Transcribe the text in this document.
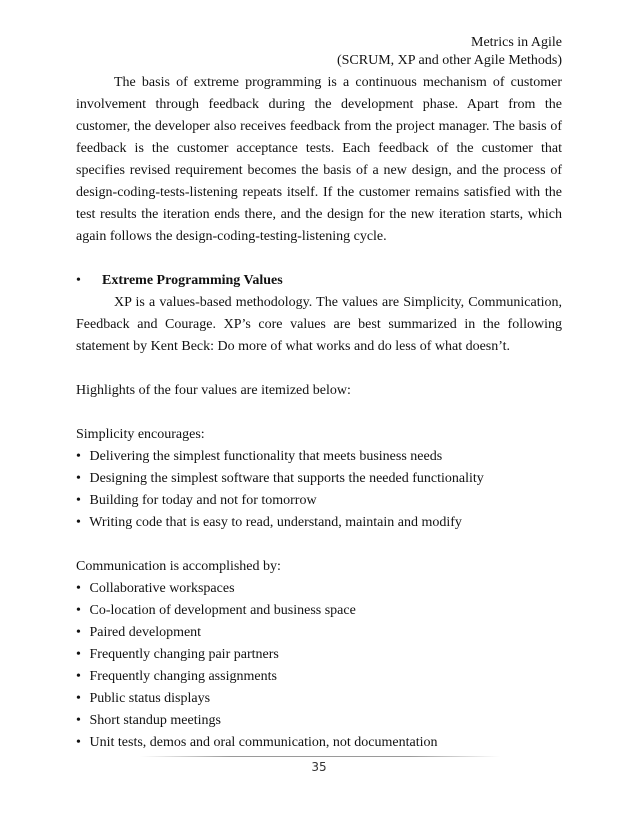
Metrics in Agile
(SCRUM, XP and other Agile Methods)

The basis of extreme programming is a continuous mechanism of customer involvement through feedback during the development phase. Apart from the customer, the developer also receives feedback from the project manager. The basis of feedback is the customer acceptance tests. Each feedback of the customer that specifies revised requirement becomes the basis of a new design, and the process of design-coding-tests-listening repeats itself. If the customer remains satisfied with the test results the iteration ends there, and the design for the new iteration starts, which again follows the design-coding-testing-listening cycle.

•	Extreme Programming Values

XP is a values-based methodology. The values are Simplicity, Communication, Feedback and Courage. XP’s core values are best summarized in the following statement by Kent Beck: Do more of what works and do less of what doesn’t.

Highlights of the four values are itemized below:

Simplicity encourages:

• Delivering the simplest functionality that meets business needs
• Designing the simplest software that supports the needed functionality
• Building for today and not for tomorrow
• Writing code that is easy to read, understand, maintain and modify

Communication is accomplished by:

• Collaborative workspaces
• Co-location of development and business space
• Paired development
• Frequently changing pair partners
• Frequently changing assignments
• Public status displays
• Short standup meetings
• Unit tests, demos and oral communication, not documentation
35
